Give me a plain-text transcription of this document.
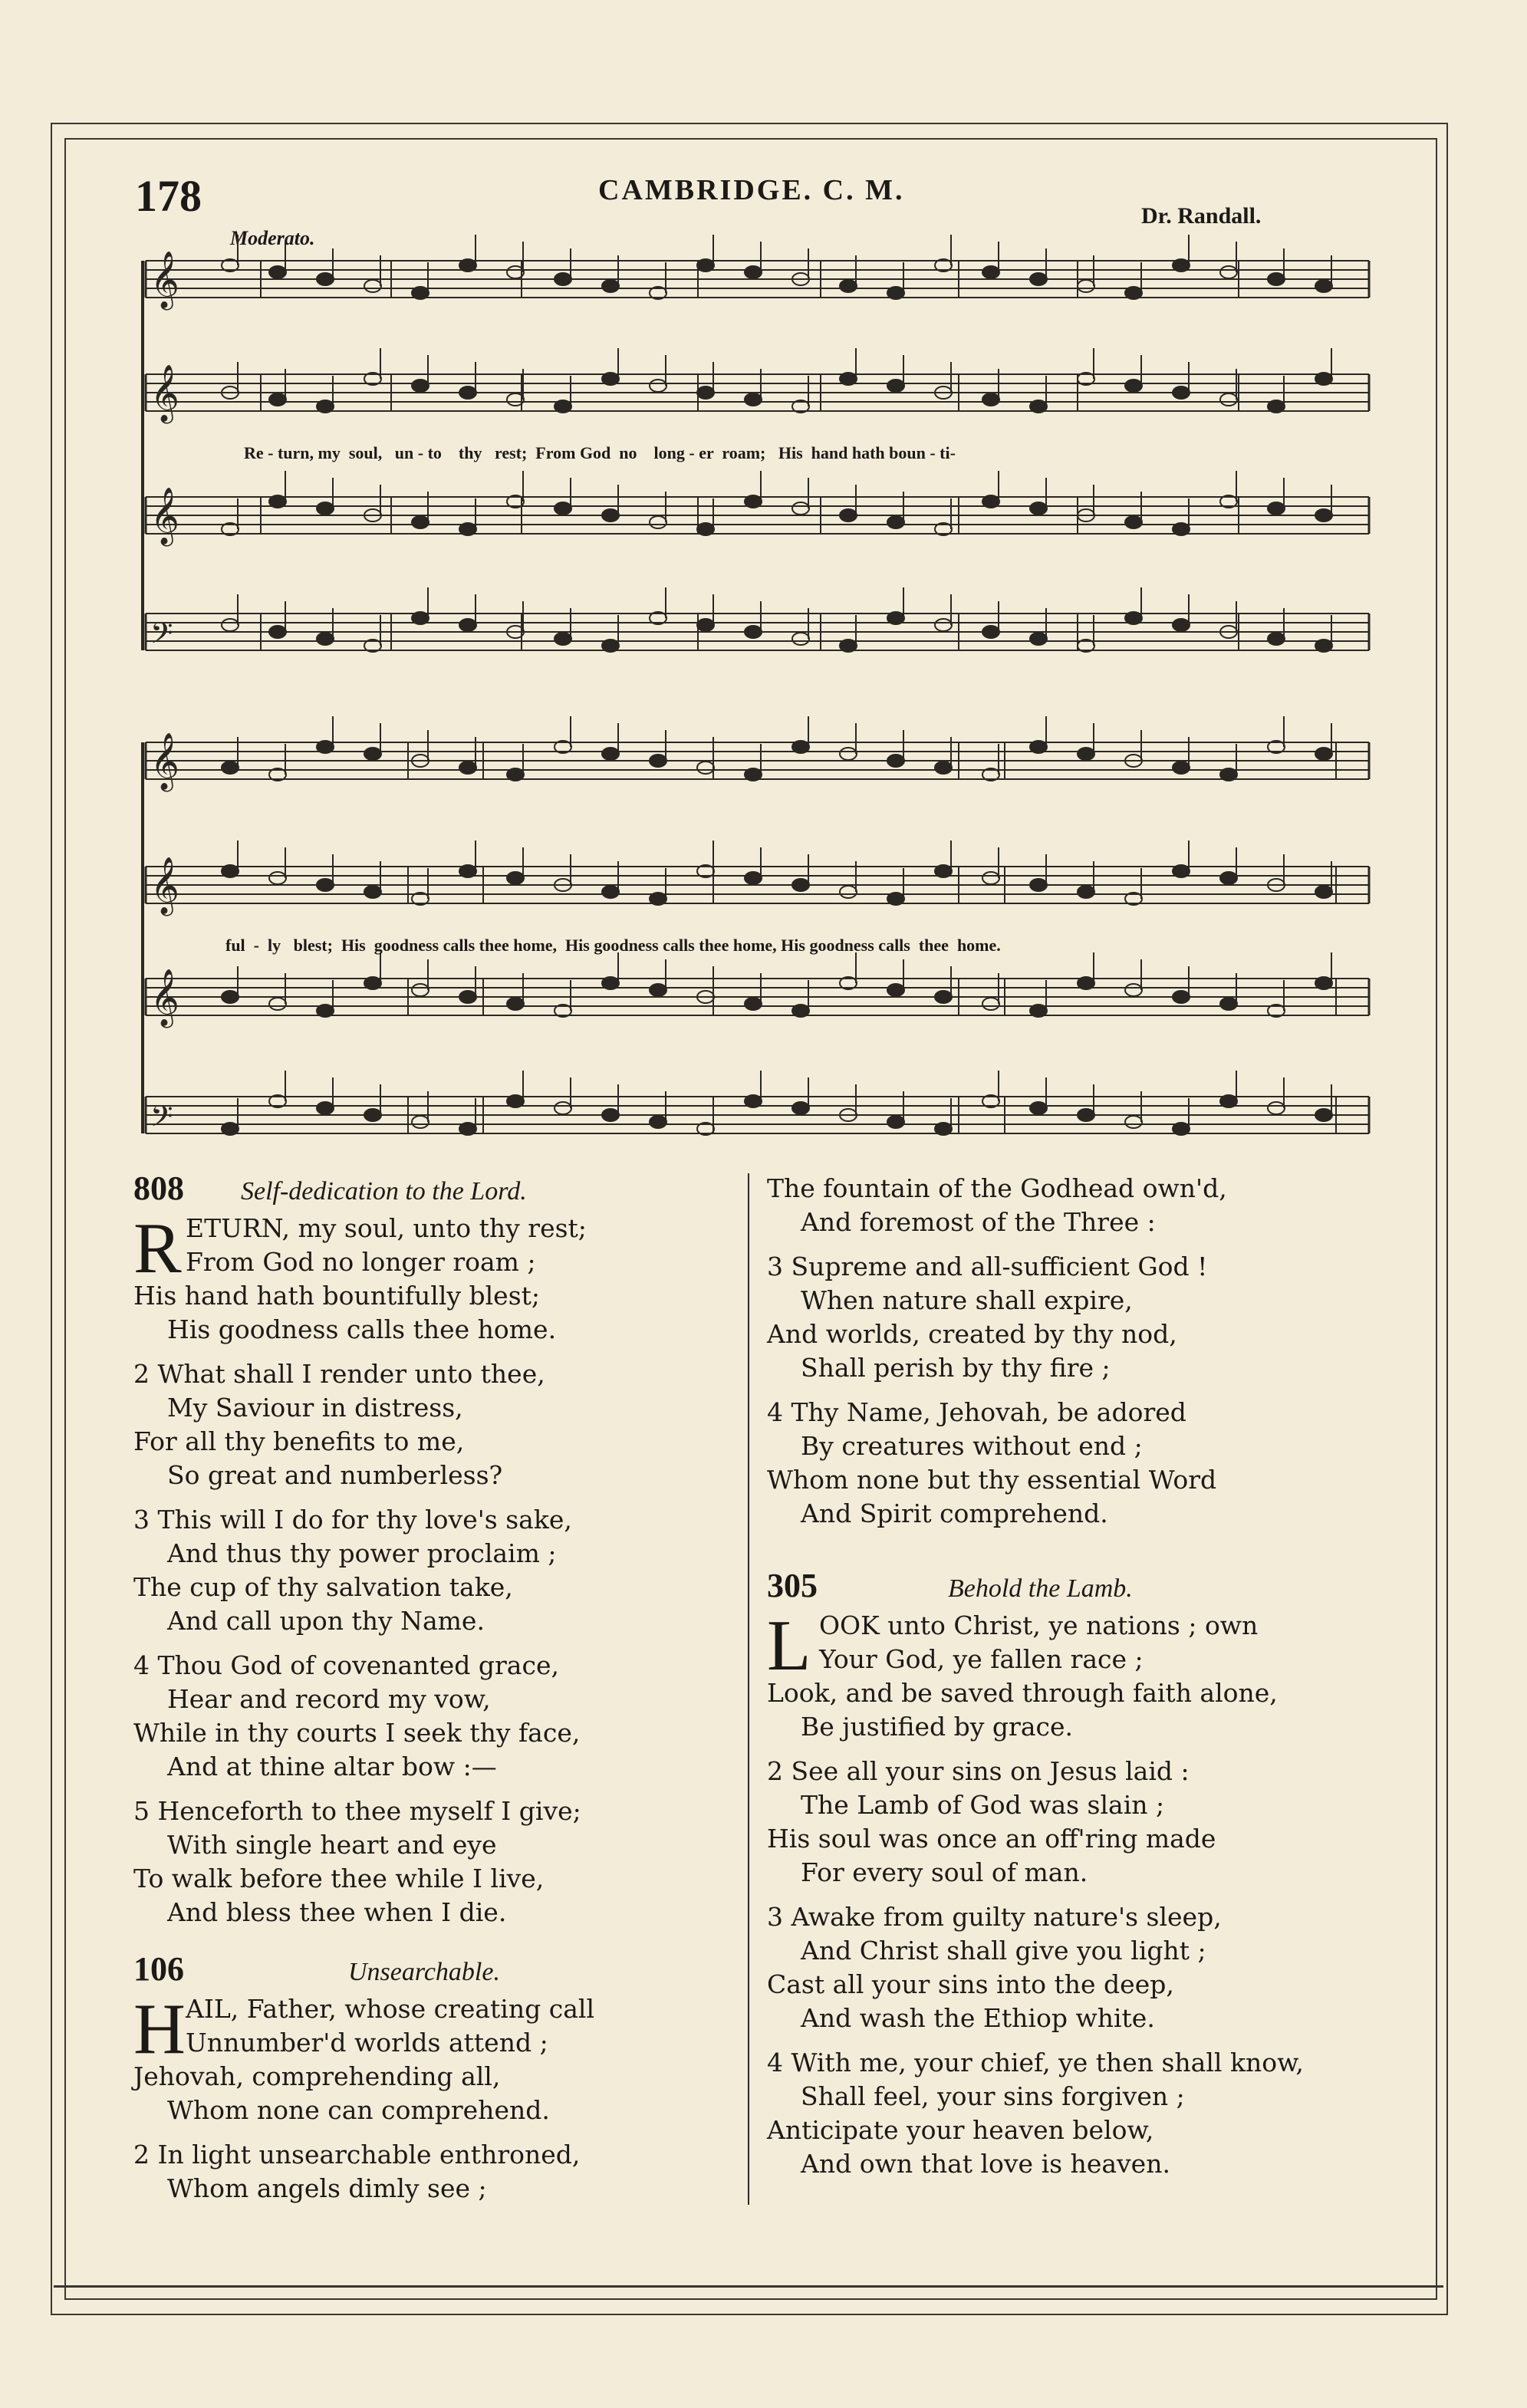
178	CAMBRIDGE. C. M.
Dr. Randall.
Moderato.
𝄞
𝄞
𝄞
𝄢
𝄞
𝄞
𝄞
𝄢
Re - turn, my  soul,   un - to    thy   rest;  From God  no    long - er  roam;   His  hand hath boun - ti-
ful  -  ly   blest;  His  goodness calls thee home,  His goodness calls thee home, His goodness calls  thee  home.
808 Self-dedication to the Lord.
R ETURN, my soul, unto thy rest;
From God no longer roam ;
His hand hath bountifully blest;
His goodness calls thee home.
2 What shall I render unto thee,
My Saviour in distress,
For all thy benefits to me,
So great and numberless?
3 This will I do for thy love's sake,
And thus thy power proclaim ;
The cup of thy salvation take,
And call upon thy Name.
4 Thou God of covenanted grace,
Hear and record my vow,
While in thy courts I seek thy face,
And at thine altar bow :—
5 Henceforth to thee myself I give;
With single heart and eye
To walk before thee while I live,
And bless thee when I die.
106	Unsearchable.
H AIL, Father, whose creating call
Unnumber'd worlds attend ;
Jehovah, comprehending all,
Whom none can comprehend.
2 In light unsearchable enthroned,
Whom angels dimly see ;
The fountain of the Godhead own'd,
And foremost of the Three :
3 Supreme and all-sufficient God !
When nature shall expire,
And worlds, created by thy nod,
Shall perish by thy fire ;
4 Thy Name, Jehovah, be adored
By creatures without end ;
Whom none but thy essential Word
And Spirit comprehend.
305	Behold the Lamb.
L OOK unto Christ, ye nations ; own
Your God, ye fallen race ;
Look, and be saved through faith alone,
Be justified by grace.
2 See all your sins on Jesus laid :
The Lamb of God was slain ;
His soul was once an off'ring made
For every soul of man.
3 Awake from guilty nature's sleep,
And Christ shall give you light ;
Cast all your sins into the deep,
And wash the Ethiop white.
4 With me, your chief, ye then shall know,
Shall feel, your sins forgiven ;
Anticipate your heaven below,
And own that love is heaven.
